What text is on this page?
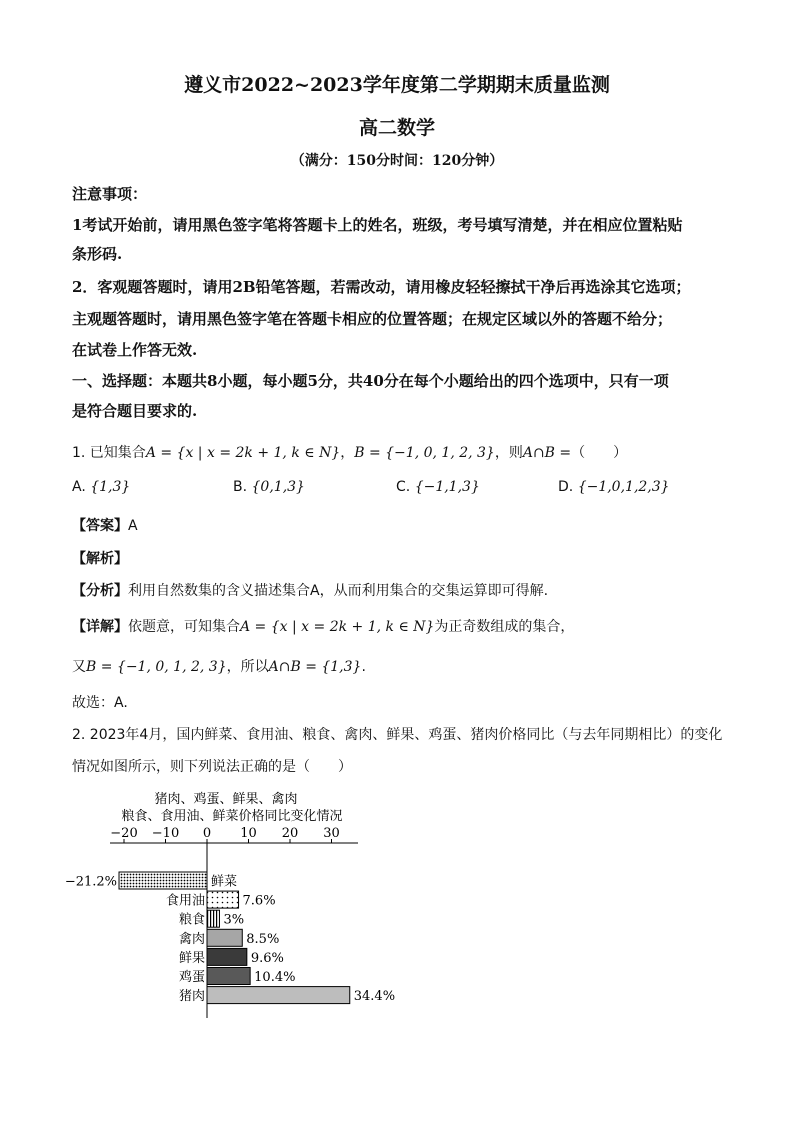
遵义市2022~2023学年度第二学期期末质量监测
高二数学
（满分：150分时间：120分钟）
注意事项：
1考试开始前，请用黑色签字笔将答题卡上的姓名，班级，考号填写清楚，并在相应位置粘贴
条形码.
2．客观题答题时，请用2B铅笔答题，若需改动，请用橡皮轻轻擦拭干净后再选涂其它选项；
主观题答题时，请用黑色签字笔在答题卡相应的位置答题；在规定区域以外的答题不给分；
在试卷上作答无效.
一、选择题：本题共8小题，每小题5分，共40分在每个小题给出的四个选项中，只有一项
是符合题目要求的.
1. 已知集合A = {x | x = 2k + 1, k ∈ N}，B = {−1, 0, 1, 2, 3}，则A∩B =（　　）
A. {1,3}	B. {0,1,3}	C. {−1,1,3}	D. {−1,0,1,2,3}
【答案】A
【解析】
【分析】利用自然数集的含义描述集合A，从而利用集合的交集运算即可得解.
【详解】依题意，可知集合A = {x | x = 2k + 1, k ∈ N}为正奇数组成的集合，
又B = {−1, 0, 1, 2, 3}，所以A∩B = {1,3}.
故选：A.
2. 2023年4月，国内鲜菜、食用油、粮食、禽肉、鲜果、鸡蛋、猪肉价格同比（与去年同期相比）的变化
情况如图所示，则下列说法正确的是（　　）
猪肉、鸡蛋、鲜果、禽肉
粮食、食用油、鲜菜价格同比变化情况
−20 −10 0 10 20 30
鲜菜
−21.2%
食用油	7.6%
粮食 3%
禽肉	8.5%
鲜果	9.6%
鸡蛋	10.4%
猪肉	34.4%
